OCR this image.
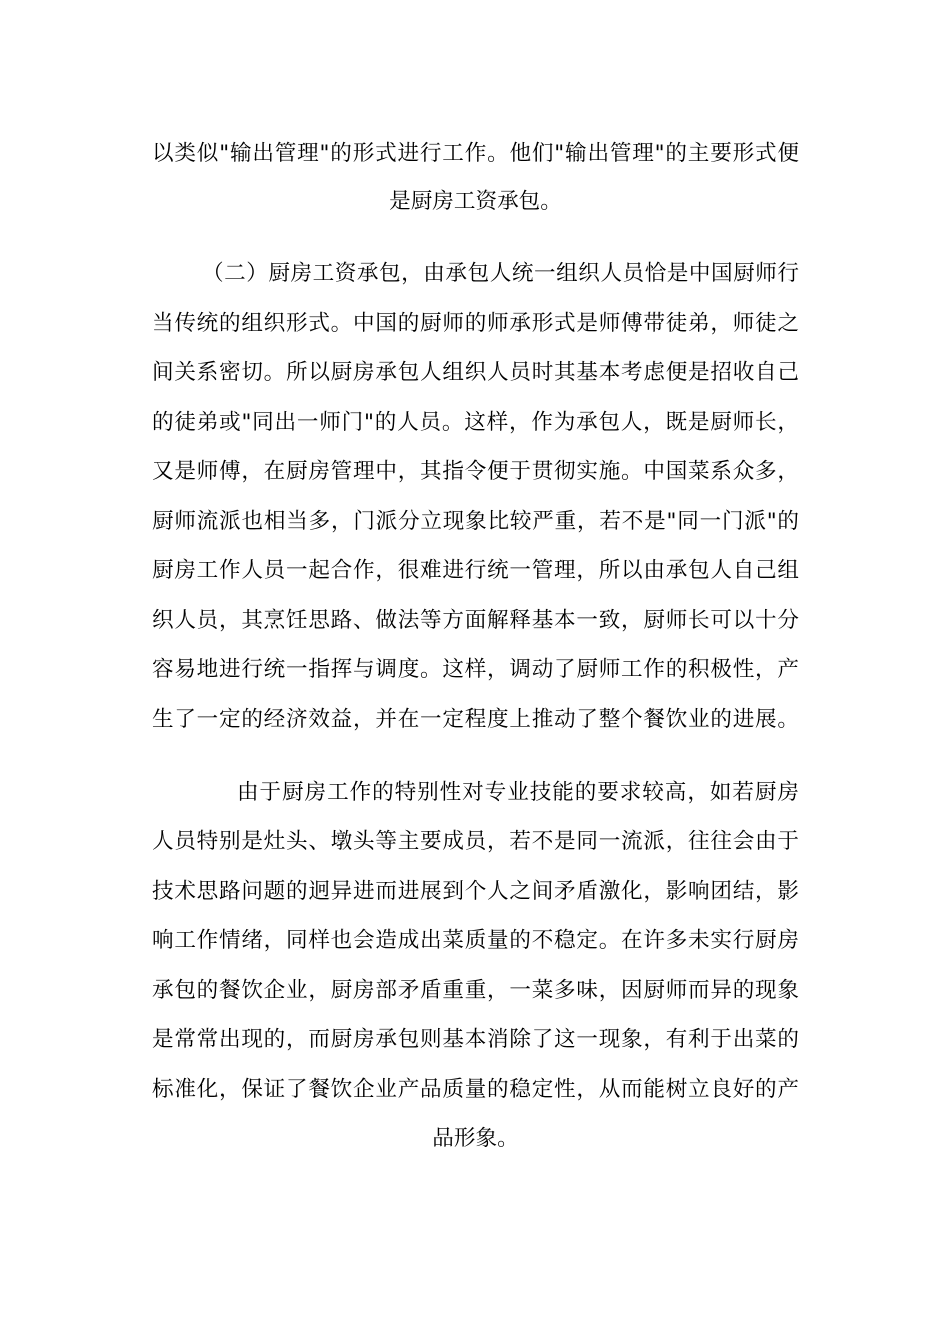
以类似"输出管理"的形式进行工作。他们"输出管理"的主要形式便
是厨房工资承包。
（二）厨房工资承包，由承包人统一组织人员恰是中国厨师行
当传统的组织形式。中国的厨师的师承形式是师傅带徒弟，师徒之
间关系密切。所以厨房承包人组织人员时其基本考虑便是招收自己
的徒弟或"同出一师门"的人员。这样，作为承包人，既是厨师长，
又是师傅，在厨房管理中，其指令便于贯彻实施。中国菜系众多，
厨师流派也相当多，门派分立现象比较严重，若不是"同一门派"的
厨房工作人员一起合作，很难进行统一管理，所以由承包人自己组
织人员，其烹饪思路、做法等方面解释基本一致，厨师长可以十分
容易地进行统一指挥与调度。这样，调动了厨师工作的积极性，产
生了一定的经济效益，并在一定程度上推动了整个餐饮业的进展。
由于厨房工作的特别性对专业技能的要求较高，如若厨房
人员特别是灶头、墩头等主要成员，若不是同一流派，往往会由于
技术思路问题的迥异进而进展到个人之间矛盾激化，影响团结，影
响工作情绪，同样也会造成出菜质量的不稳定。在许多未实行厨房
承包的餐饮企业，厨房部矛盾重重，一菜多味，因厨师而异的现象
是常常出现的，而厨房承包则基本消除了这一现象，有利于出菜的
标准化，保证了餐饮企业产品质量的稳定性，从而能树立良好的产
品形象。
